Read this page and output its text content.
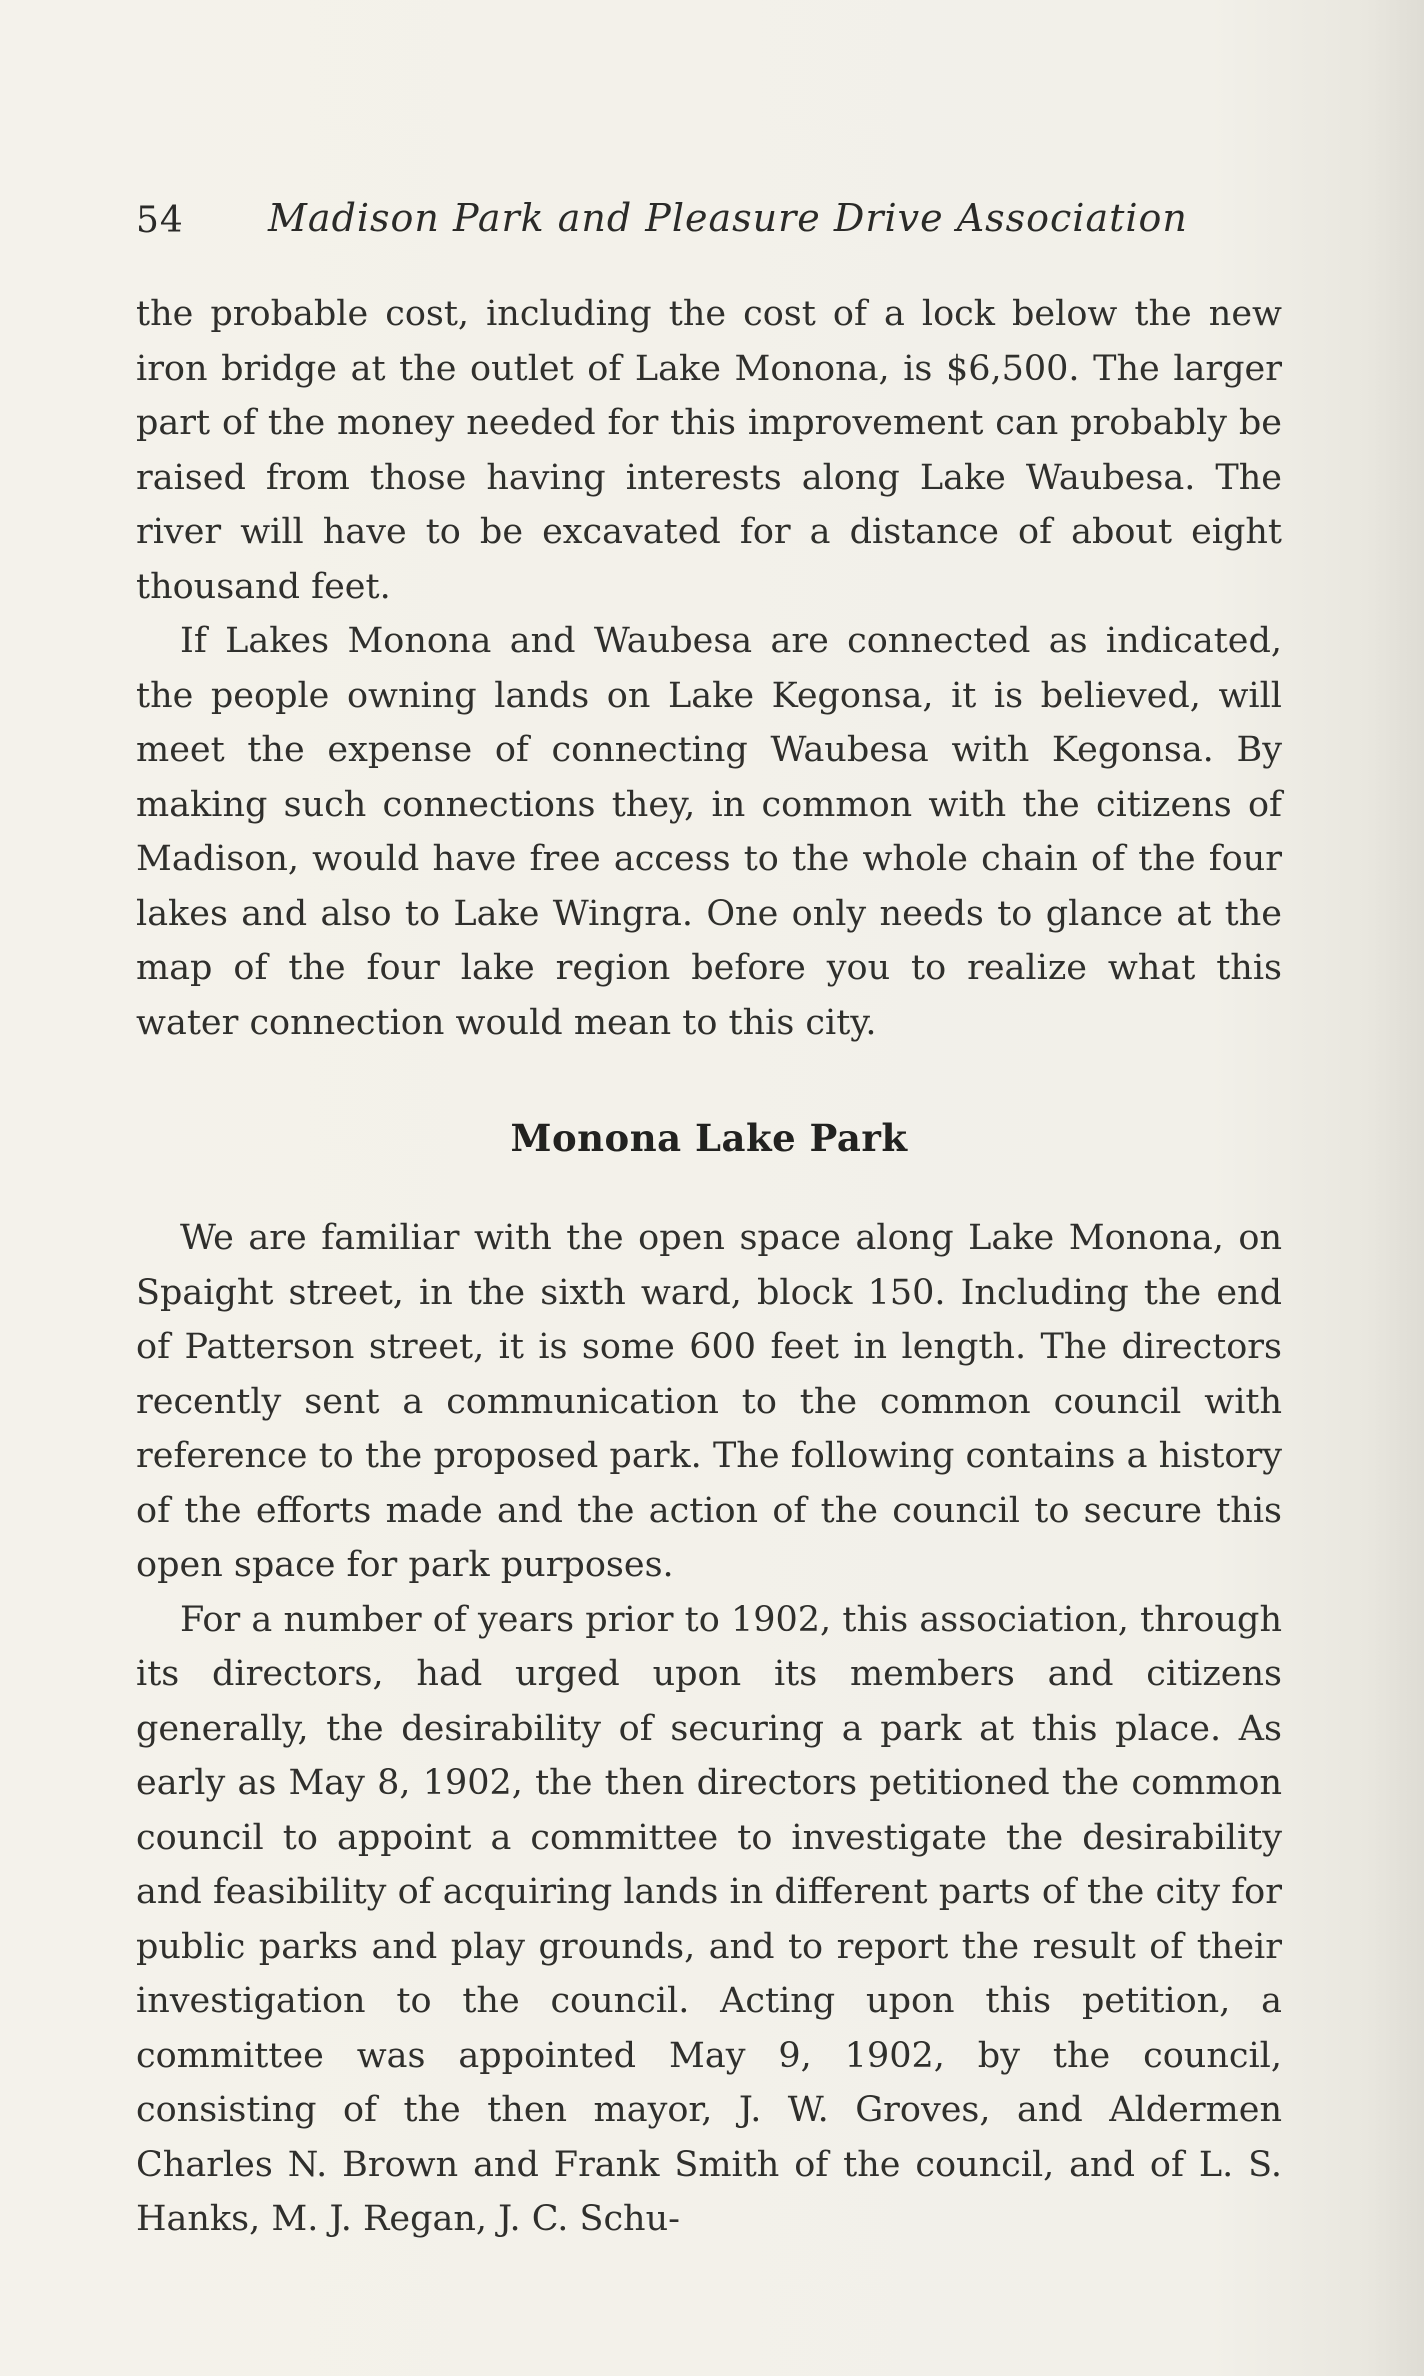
54 Madison Park and Pleasure Drive Association

the probable cost, including the cost of a lock below the new iron bridge at the outlet of Lake Monona, is $6,500. The larger part of the money needed for this improvement can probably be raised from those having interests along Lake Waubesa. The river will have to be excavated for a distance of about eight thousand feet.

If Lakes Monona and Waubesa are connected as indicated, the people owning lands on Lake Kegonsa, it is believed, will meet the expense of connecting Waubesa with Kegonsa. By making such connections they, in common with the citizens of Madison, would have free access to the whole chain of the four lakes and also to Lake Wingra. One only needs to glance at the map of the four lake region before you to realize what this water connection would mean to this city.

Monona Lake Park

We are familiar with the open space along Lake Monona, on Spaight street, in the sixth ward, block 150. Including the end of Patterson street, it is some 600 feet in length. The directors recently sent a communication to the common council with reference to the proposed park. The following contains a history of the efforts made and the action of the council to secure this open space for park purposes.

For a number of years prior to 1902, this association, through its directors, had urged upon its members and citizens generally, the desirability of securing a park at this place. As early as May 8, 1902, the then directors petitioned the common council to appoint a committee to investigate the desirability and feasibility of acquiring lands in different parts of the city for public parks and play grounds, and to report the result of their investigation to the council. Acting upon this petition, a committee was appointed May 9, 1902, by the council, consisting of the then mayor, J. W. Groves, and Aldermen Charles N. Brown and Frank Smith of the council, and of L. S. Hanks, M. J. Regan, J. C. Schu-
